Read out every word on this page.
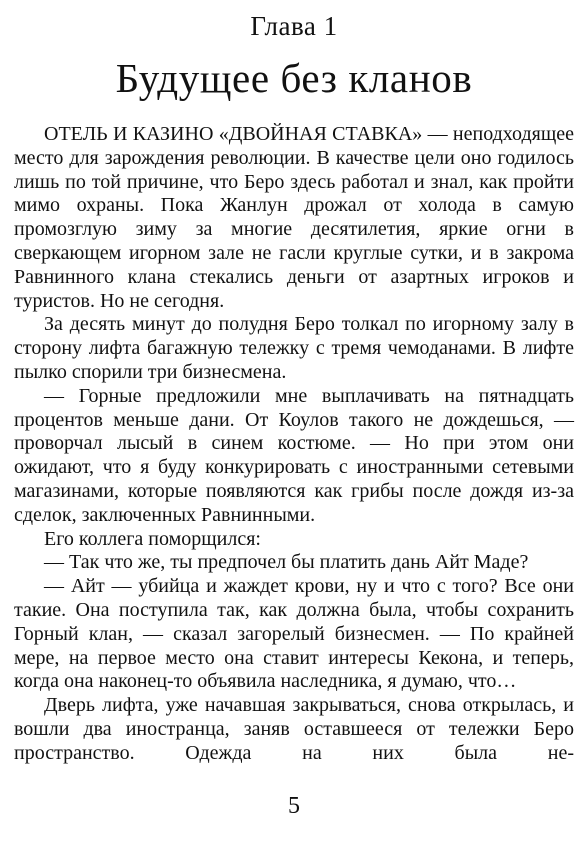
Глава 1
Будущее без кланов

ОТЕЛЬ И КАЗИНО «ДВОЙНАЯ СТАВКА» — неподходящее место для зарождения революции. В качестве цели оно годилось лишь по той причине, что Беро здесь работал и знал, как пройти мимо охраны. Пока Жанлун дрожал от холода в самую промозглую зиму за многие десятилетия, яркие огни в сверкающем игорном зале не гасли круглые сутки, и в закрома Равнинного клана стекались деньги от азартных игроков и туристов. Но не сегодня.

За десять минут до полудня Беро толкал по игорному залу в сторону лифта багажную тележку с тремя чемоданами. В лифте пылко спорили три бизнесмена.

— Горные предложили мне выплачивать на пятнадцать процентов меньше дани. От Коулов такого не дождешься, — проворчал лысый в синем костюме. — Но при этом они ожидают, что я буду конкурировать с иностранными сетевыми магазинами, которые появляются как грибы после дождя из-за сделок, заключенных Равнинными.

Его коллега поморщился:

— Так что же, ты предпочел бы платить дань Айт Маде?

— Айт — убийца и жаждет крови, ну и что с того? Все они такие. Она поступила так, как должна была, чтобы сохранить Горный клан, — сказал загорелый бизнесмен. — По крайней мере, на первое место она ставит интересы Кекона, и теперь, когда она наконец-то объявила наследника, я думаю, что…

Дверь лифта, уже начавшая закрываться, снова открылась, и вошли два иностранца, заняв оставшееся от тележки Беро пространство. Одежда на них была не-

5
